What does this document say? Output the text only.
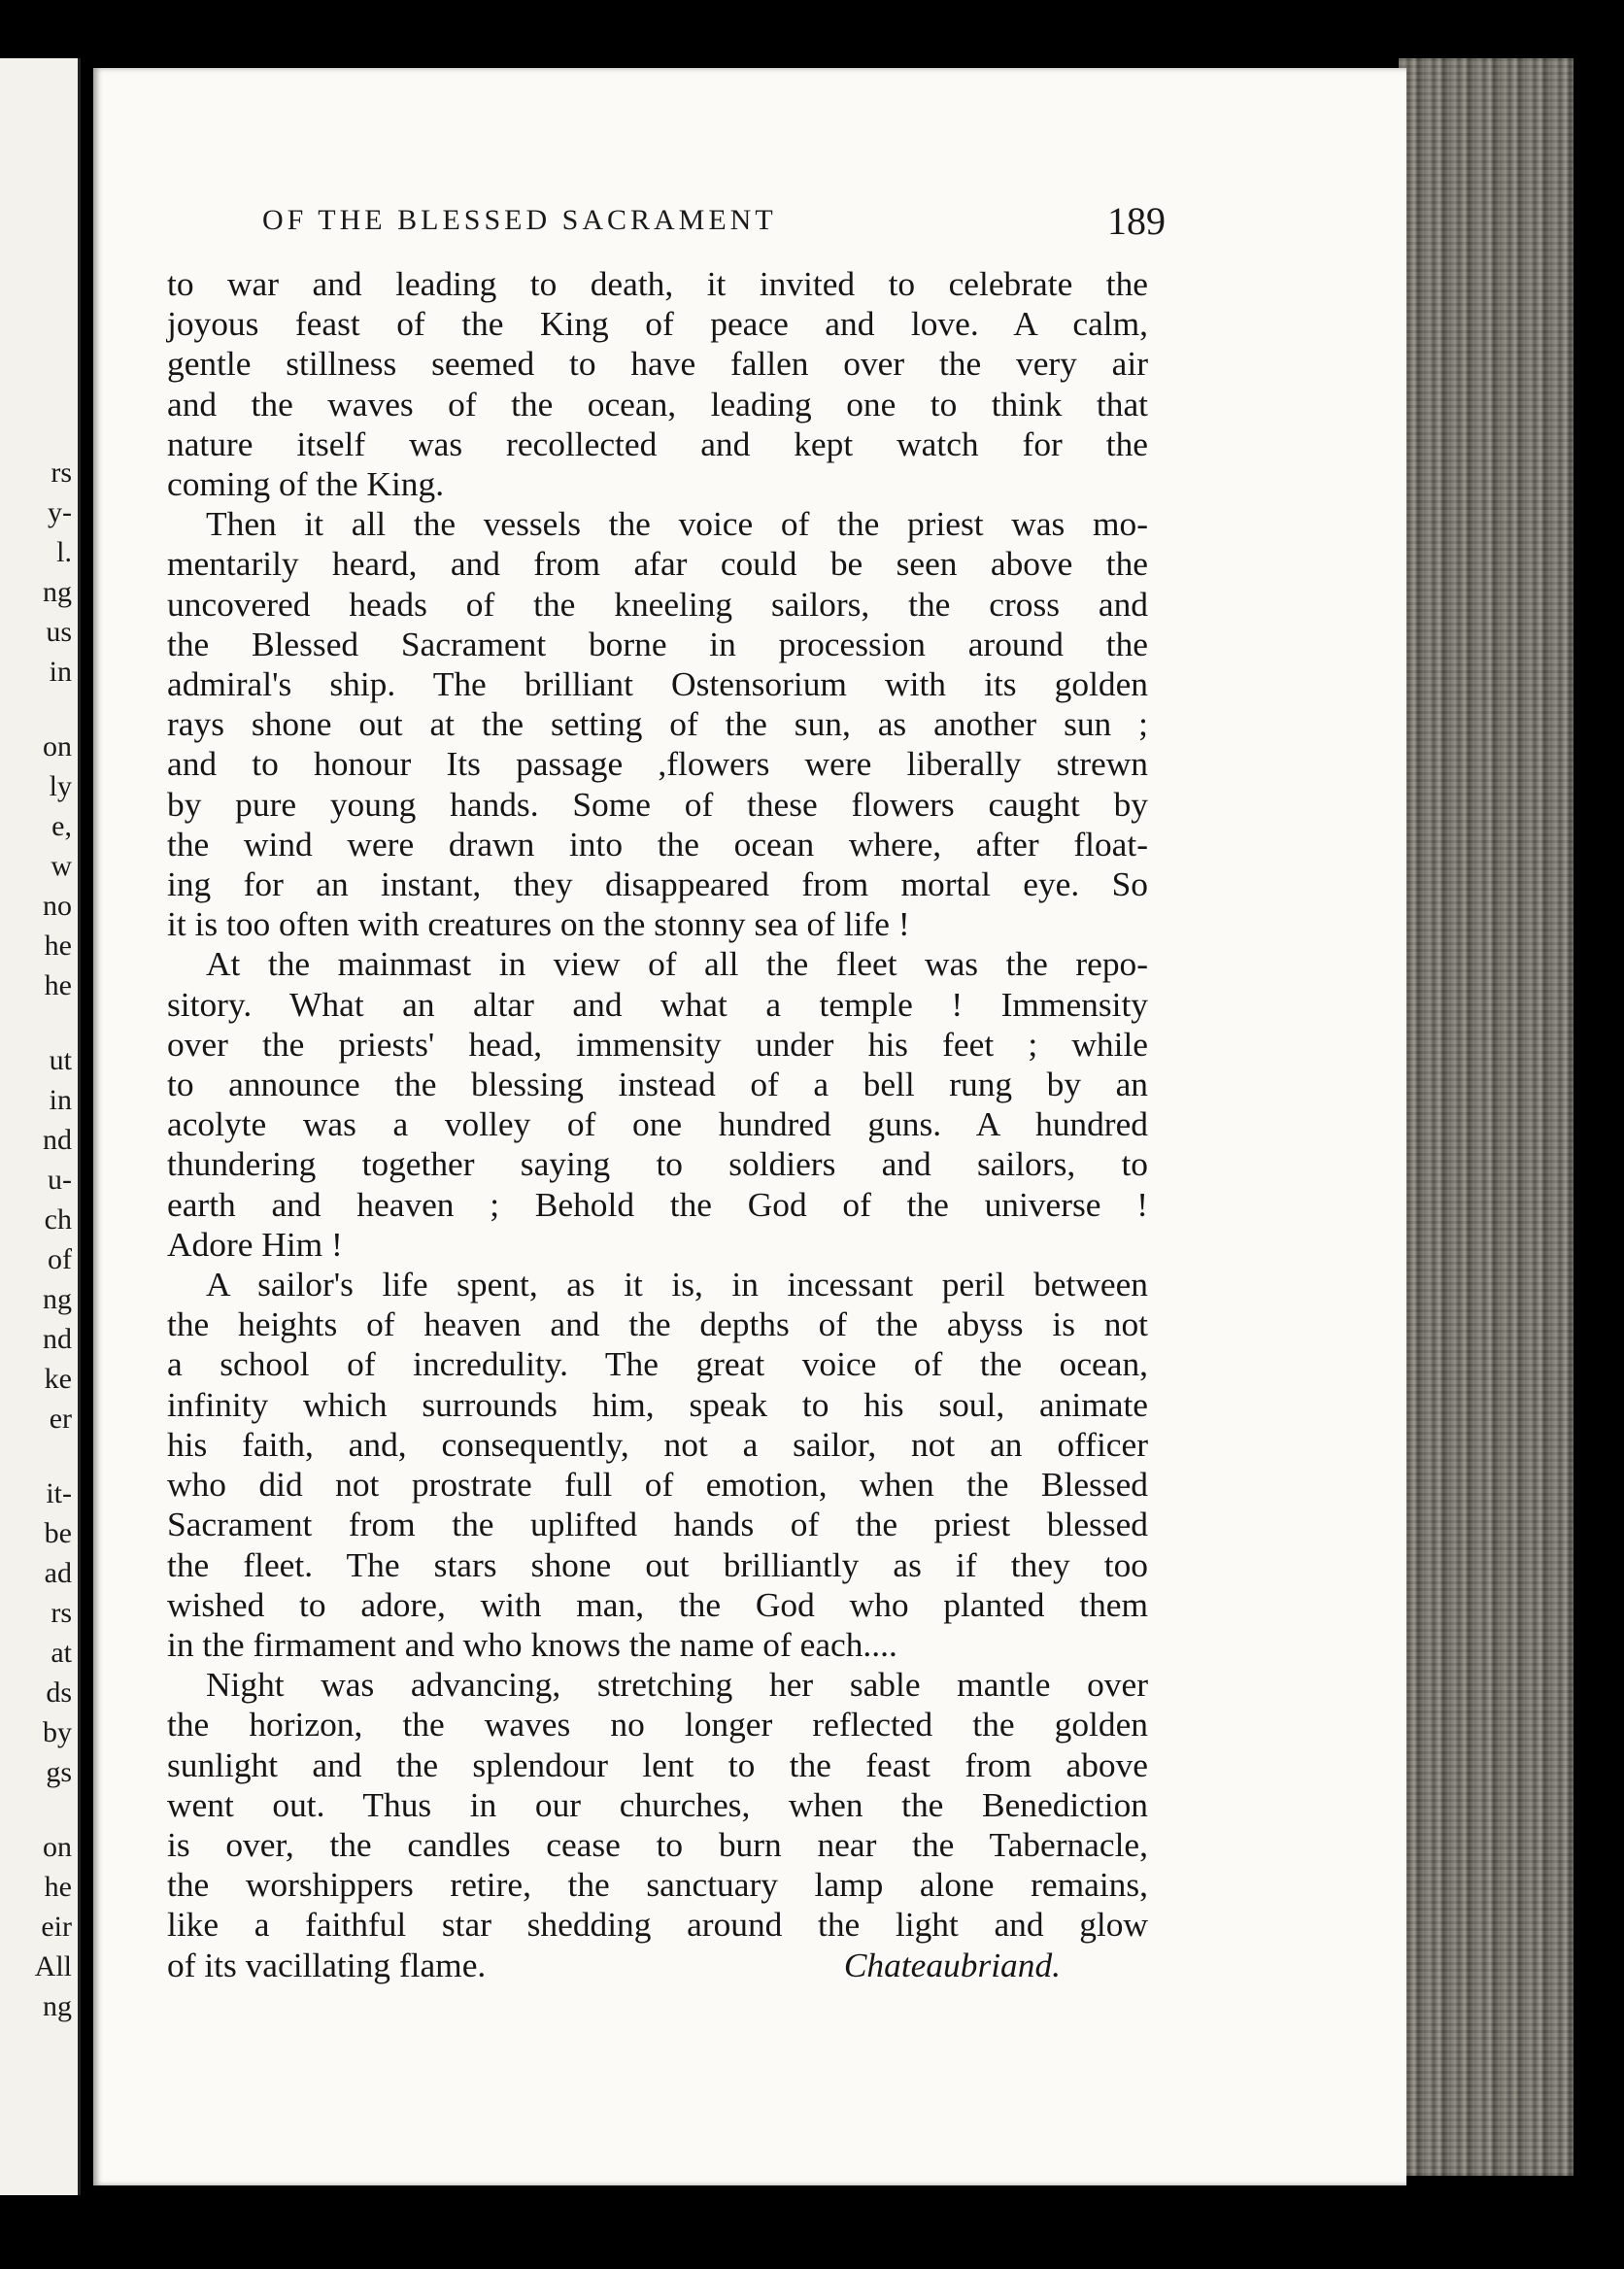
rs
y-
l.
ng
us
in
on
ly
e,
w
no
he
he
ut
in
nd
u-
ch
of
ng
nd
ke
er
it-
be
ad
rs
at
ds
by
gs
on
he
eir
All
ng
OF THE BLESSED SACRAMENT	189
to war and leading to death, it invited to celebrate the
joyous feast of the King of peace and love. A calm,
gentle stillness seemed to have fallen over the very air
and the waves of the ocean, leading one to think that
nature itself was recollected and kept watch for the
coming of the King.
Then it all the vessels the voice of the priest was mo-
mentarily heard, and from afar could be seen above the
uncovered heads of the kneeling sailors, the cross and
the Blessed Sacrament borne in procession around the
admiral's ship. The brilliant Ostensorium with its golden
rays shone out at the setting of the sun, as another sun ;
and to honour Its passage ,flowers were liberally strewn
by pure young hands. Some of these flowers caught by
the wind were drawn into the ocean where, after float-
ing for an instant, they disappeared from mortal eye. So
it is too often with creatures on the stonny sea of life !
At the mainmast in view of all the fleet was the repo-
sitory. What an altar and what a temple ! Immensity
over the priests' head, immensity under his feet ; while
to announce the blessing instead of a bell rung by an
acolyte was a volley of one hundred guns. A hundred
thundering together saying to soldiers and sailors, to
earth and heaven ; Behold the God of the universe !
Adore Him !
A sailor's life spent, as it is, in incessant peril between
the heights of heaven and the depths of the abyss is not
a school of incredulity. The great voice of the ocean,
infinity which surrounds him, speak to his soul, animate
his faith, and, consequently, not a sailor, not an officer
who did not prostrate full of emotion, when the Blessed
Sacrament from the uplifted hands of the priest blessed
the fleet. The stars shone out brilliantly as if they too
wished to adore, with man, the God who planted them
in the firmament and who knows the name of each....
Night was advancing, stretching her sable mantle over
the horizon, the waves no longer reflected the golden
sunlight and the splendour lent to the feast from above
went out. Thus in our churches, when the Benediction
is over, the candles cease to burn near the Tabernacle,
the worshippers retire, the sanctuary lamp alone remains,
like a faithful star shedding around the light and glow
of its vacillating flame.	Chateaubriand.
